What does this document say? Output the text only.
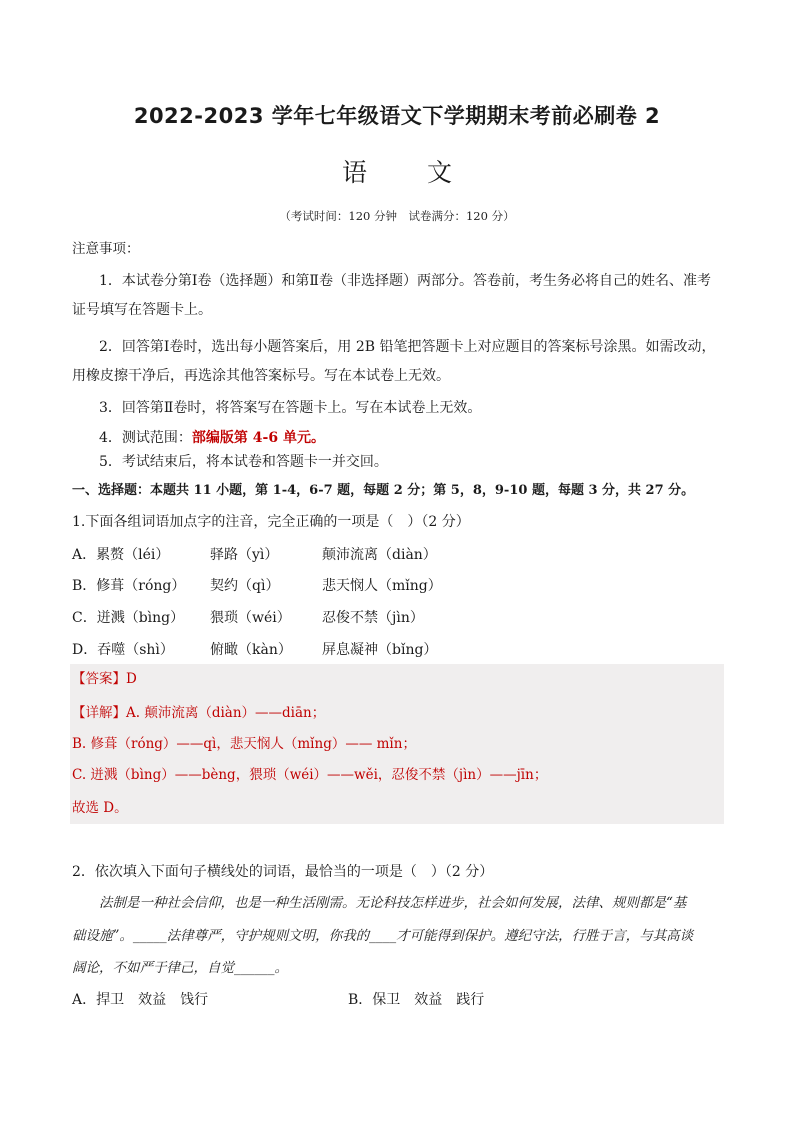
2022-2023 学年七年级语文下学期期末考前必刷卷 2
语 文
（考试时间：120 分钟　试卷满分：120 分）
注意事项：
1．本试卷分第Ⅰ卷（选择题）和第Ⅱ卷（非选择题）两部分。答卷前，考生务必将自己的姓名、准考
证号填写在答题卡上。
2．回答第Ⅰ卷时，选出每小题答案后，用 2B 铅笔把答题卡上对应题目的答案标号涂黑。如需改动，
用橡皮擦干净后，再选涂其他答案标号。写在本试卷上无效。
3．回答第Ⅱ卷时，将答案写在答题卡上。写在本试卷上无效。
4．测试范围：部编版第 4-6 单元。
5．考试结束后，将本试卷和答题卡一并交回。
一、选择题：本题共 11 小题，第 1-4，6-7 题，每题 2 分；第 5，8，9-10 题，每题 3 分，共 27 分。
1.下面各组词语加点字的注音，完全正确的一项是（　）（2 分）
A．累赘（léi）	驿路（yì）	颠沛流离（diàn）
B．修葺（róng） 契约（qì）	悲天悯人（mǐng）
C．迸溅（bìng） 猥琐（wéi） 忍俊不禁（jìn）
D．吞噬（shì）	俯瞰（kàn） 屏息凝神（bǐng）
【答案】D
【详解】A. 颠沛流离（diàn）——diān；
B. 修葺（róng）——qì，悲天悯人（mǐng）—— mǐn；
C. 迸溅（bìng）——bèng，猥琐（wéi）——wěi，忍俊不禁（jìn）——jīn；
故选 D。
2．依次填入下面句子横线处的词语，最恰当的一项是（　）（2 分）
法制是一种社会信仰，也是一种生活刚需。无论科技怎样进步，社会如何发展，法律、规则都是“基
础设施”。_____法律尊严，守护规则文明，你我的____才可能得到保护。遵纪守法，行胜于言，与其高谈
阔论，不如严于律己，自觉______。
A．捍卫　效益　饯行	B．保卫　效益　践行
